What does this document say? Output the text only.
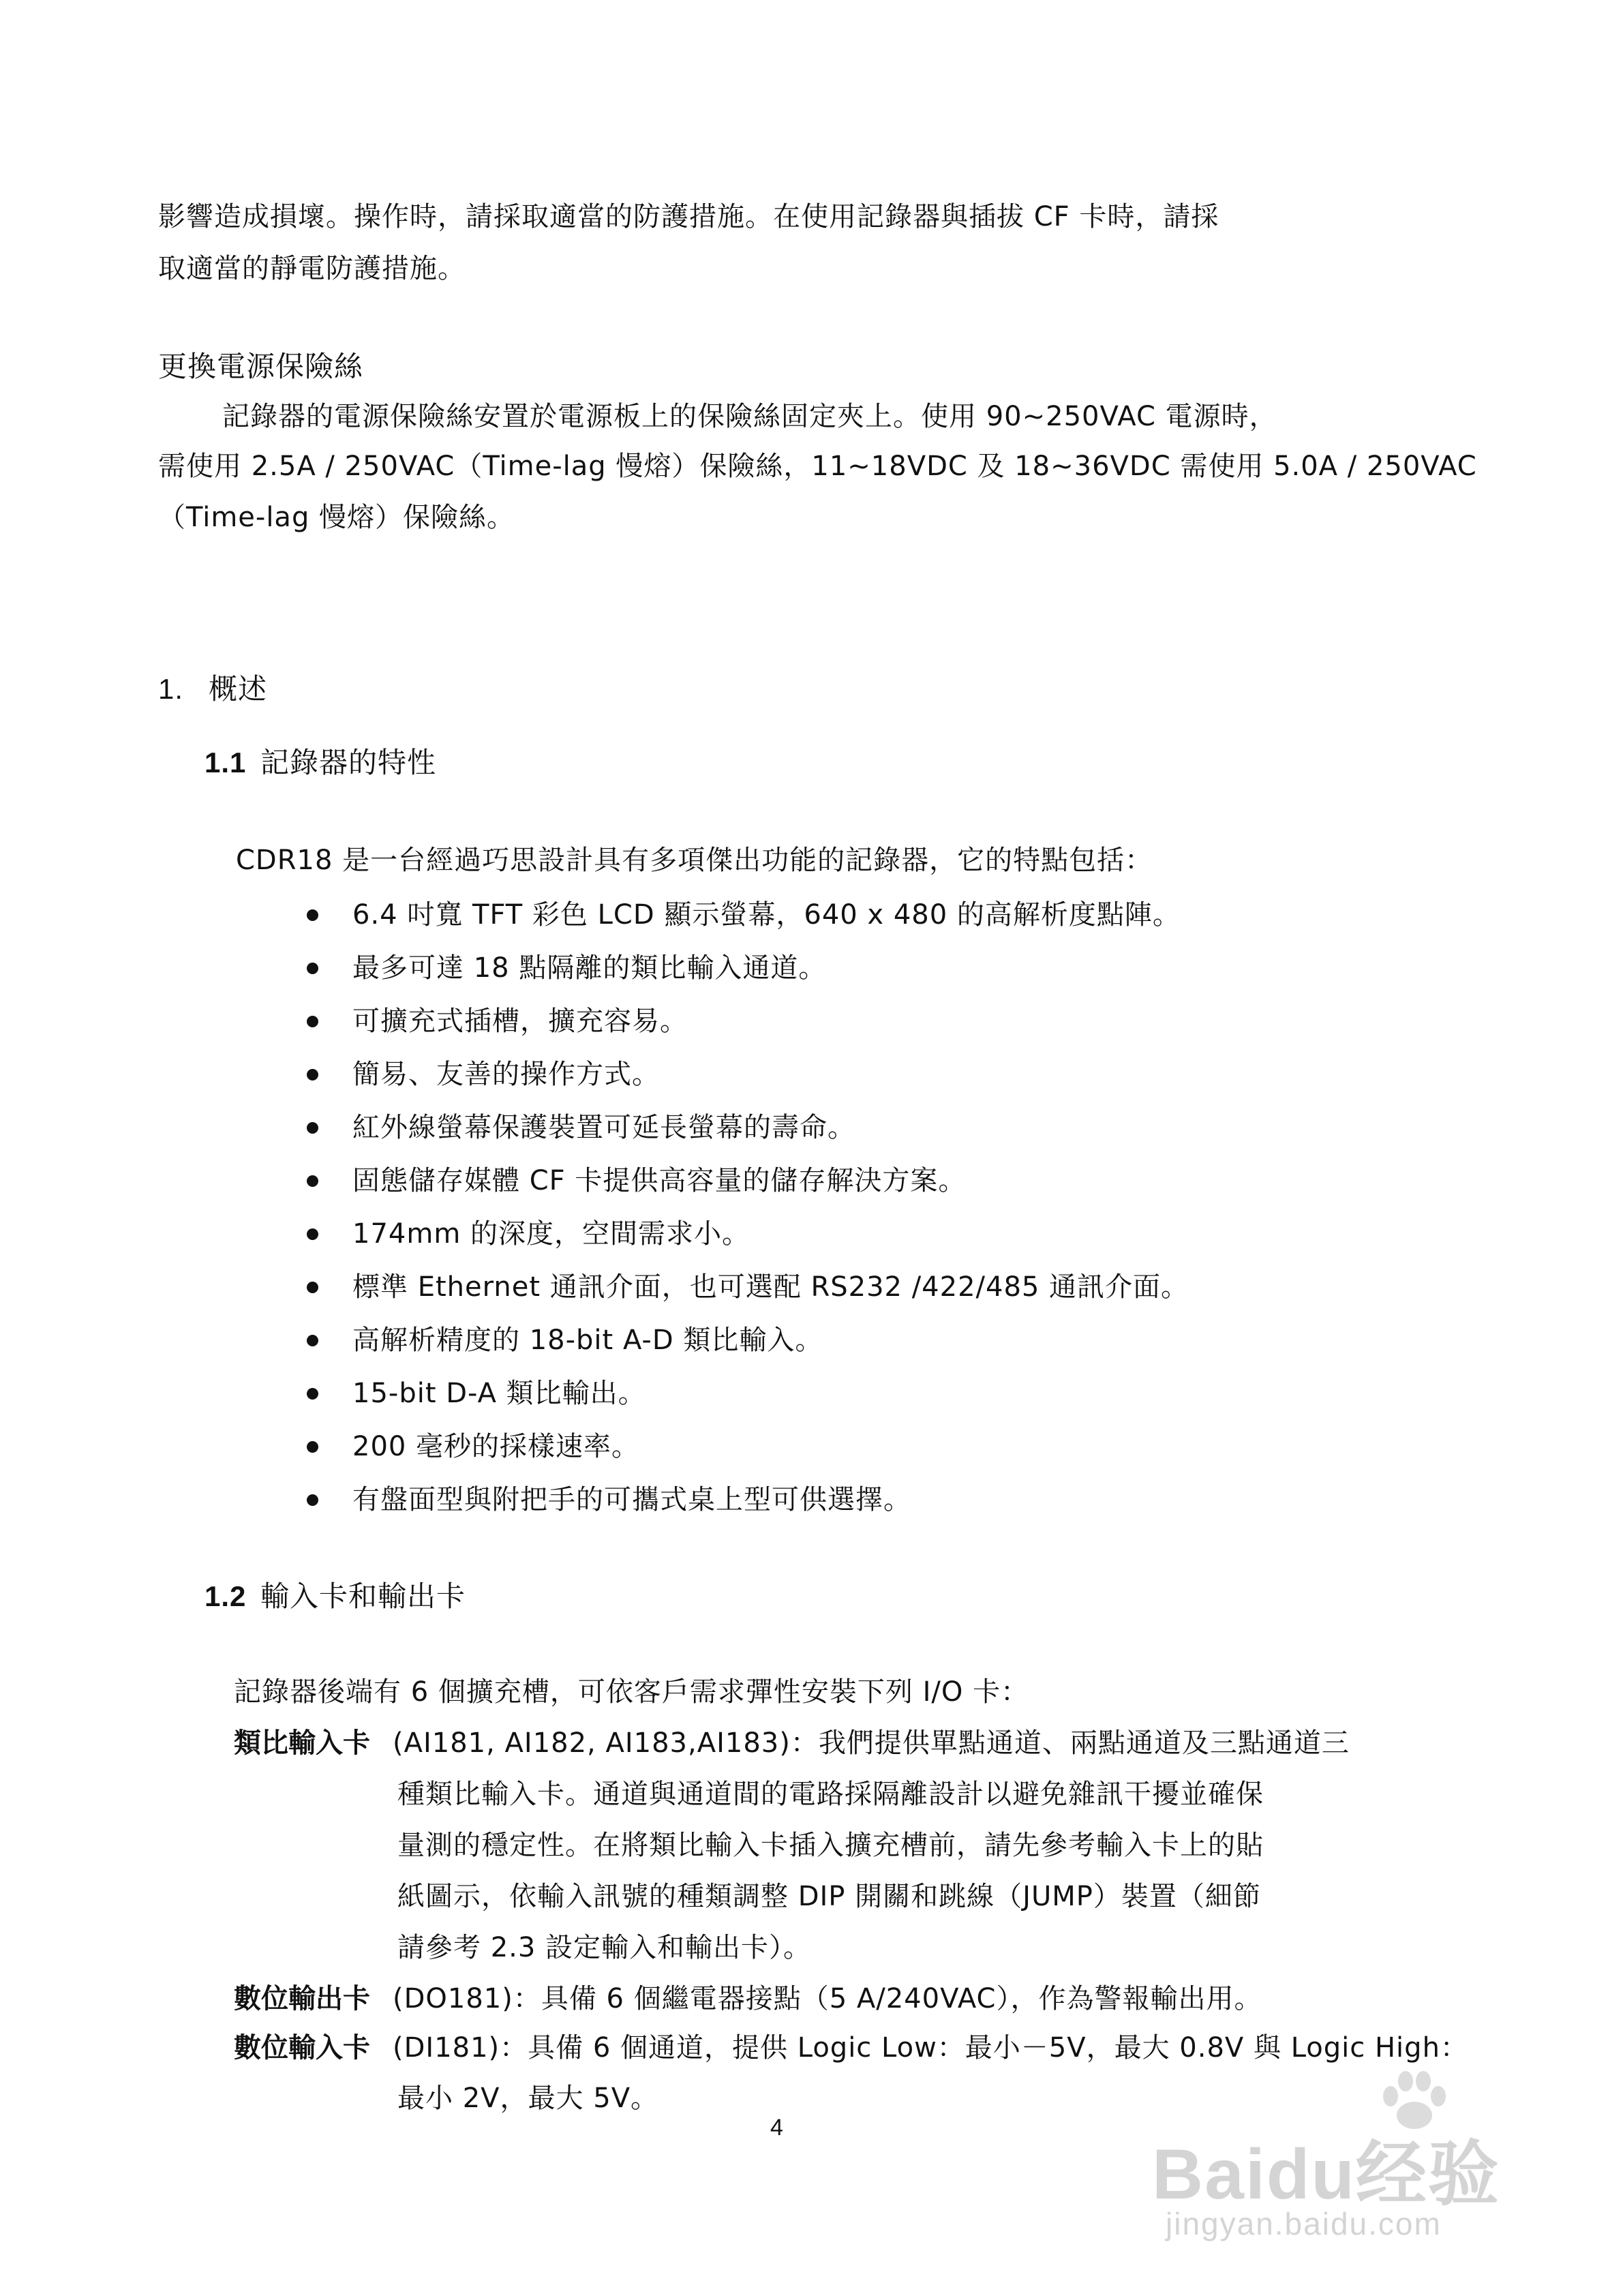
影響造成損壞。操作時，請採取適當的防護措施。在使用記錄器與插拔 CF 卡時，請採
取適當的靜電防護措施。
更換電源保險絲
記錄器的電源保險絲安置於電源板上的保險絲固定夾上。使用 90~250VAC 電源時，
需使用 2.5A / 250VAC（Time-lag 慢熔）保險絲，11~18VDC 及 18~36VDC 需使用 5.0A / 250VAC
（Time-lag 慢熔）保險絲。
1. 概述
1.1 記錄器的特性
CDR18 是一台經過巧思設計具有多項傑出功能的記錄器，它的特點包括：
6.4 吋寬 TFT 彩色 LCD 顯示螢幕，640 x 480 的高解析度點陣。
最多可達 18 點隔離的類比輸入通道。
可擴充式插槽，擴充容易。
簡易、友善的操作方式。
紅外線螢幕保護裝置可延長螢幕的壽命。
固態儲存媒體 CF 卡提供高容量的儲存解決方案。
174mm 的深度，空間需求小。
標準 Ethernet 通訊介面，也可選配 RS232 /422/485 通訊介面。
高解析精度的 18-bit A-D 類比輸入。
15-bit D-A 類比輸出。
200 毫秒的採樣速率。
有盤面型與附把手的可攜式桌上型可供選擇。
1.2 輸入卡和輸出卡
記錄器後端有 6 個擴充槽，可依客戶需求彈性安裝下列 I/O 卡：
類比輸入卡 (AI181, AI182, AI183,AI183)：我們提供單點通道、兩點通道及三點通道三
種類比輸入卡。通道與通道間的電路採隔離設計以避免雜訊干擾並確保
量測的穩定性。在將類比輸入卡插入擴充槽前，請先參考輸入卡上的貼
紙圖示，依輸入訊號的種類調整 DIP 開關和跳線（JUMP）裝置（細節
請參考 2.3 設定輸入和輸出卡）。
數位輸出卡 (DO181)：具備 6 個繼電器接點（5 A/240VAC），作為警報輸出用。
數位輸入卡 (DI181)：具備 6 個通道，提供 Logic Low：最小－5V，最大 0.8V 與 Logic High：
最小 2V，最大 5V。
4
Baidu经验
jingyan.baidu.com
